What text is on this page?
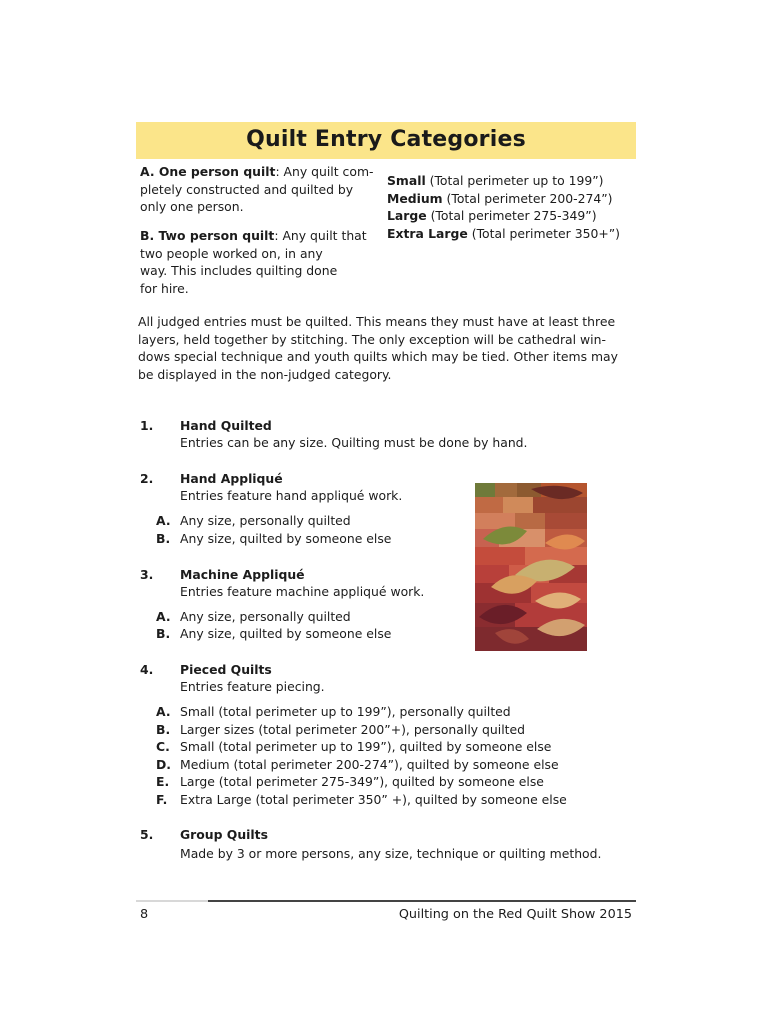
Quilt Entry Categories
A. One person quilt: Any quilt com-
pletely constructed and quilted by
only one person.
B. Two person quilt: Any quilt that
two people worked on, in any
way. This includes quilting done
for hire.
Small (Total perimeter up to 199”)
Medium (Total perimeter 200-274”)
Large (Total perimeter 275-349”)
Extra Large (Total perimeter 350+”)
All judged entries must be quilted. This means they must have at least three
layers, held together by stitching. The only exception will be cathedral win-
dows special technique and youth quilts which may be tied. Other items may
be displayed in the non-judged category.
1. Hand Quilted
Entries can be any size. Quilting must be done by hand.
2. Hand Appliqué
Entries feature hand appliqué work.
A. Any size, personally quilted
B. Any size, quilted by someone else
3. Machine Appliqué
Entries feature machine appliqué work.
A. Any size, personally quilted
B. Any size, quilted by someone else
4. Pieced Quilts
Entries feature piecing.
A. Small (total perimeter up to 199”), personally quilted
B. Larger sizes (total perimeter 200”+), personally quilted
C. Small (total perimeter up to 199”), quilted by someone else
D. Medium (total perimeter 200-274”), quilted by someone else
E. Large (total perimeter 275-349”), quilted by someone else
F.	Extra Large (total perimeter 350” +), quilted by someone else
5. Group Quilts
Made by 3 or more persons, any size, technique or quilting method.
8	Quilting on the Red Quilt Show 2015
